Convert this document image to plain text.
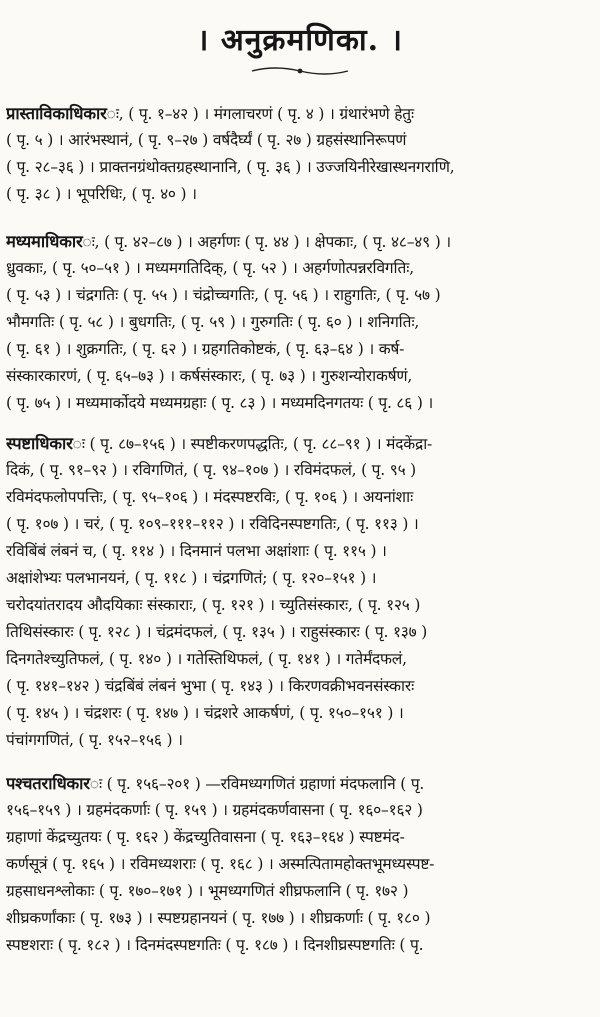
। अनुक्रमणिका. ।
प्रास्ताविकाधिकारः, ( पृ. १–४२ ) । मंगलाचरणं ( पृ. ४ ) । ग्रंथारंभणे हेतुः
( पृ. ५ ) । आरंभस्थानं, ( पृ. ९–२७ ) वर्षदैर्घ्यं ( पृ. २७ ) ग्रहसंस्थानिरूपणं
( पृ. २८–३६ ) । प्राक्तनग्रंथोक्तग्रहस्थानानि, ( पृ. ३६ ) । उज्जयिनीरेखास्थनगराणि,
( पृ. ३८ ) । भूपरिधिः, ( पृ. ४० ) ।
मध्यमाधिकारः, ( पृ. ४२–८७ ) । अहर्गणः ( पृ. ४४ ) । क्षेपकाः, ( पृ. ४८–४९ ) ।
ध्रुवकाः, ( पृ. ५०–५१ ) । मध्यमगतिदिक्, ( पृ. ५२ ) । अहर्गणोत्पन्नरविगतिः,
( पृ. ५३ ) । चंद्रगतिः ( पृ. ५५ ) । चंद्रोच्चगतिः, ( पृ. ५६ ) । राहुगतिः, ( पृ. ५७ )
भौमगतिः ( पृ. ५८ ) । बुधगतिः, ( पृ. ५९ ) । गुरुगतिः ( पृ. ६० ) । शनिगतिः,
( पृ. ६१ ) । शुक्रगतिः, ( पृ. ६२ ) । ग्रहगतिकोष्टकं, ( पृ. ६३–६४ ) । कर्ष-
संस्कारकारणं, ( पृ. ६५–७३ ) । कर्षसंस्कारः, ( पृ. ७३ ) । गुरुशन्योराकर्षणं,
( पृ. ७५ ) । मध्यमार्कोदये मध्यमग्रहाः ( पृ. ८३ ) । मध्यमदिनगतयः ( पृ. ८६ ) ।
स्पष्टाधिकारः ( पृ. ८७–१५६ ) । स्पष्टीकरणपद्धतिः, ( पृ. ८८–९१ ) । मंदकेंद्रा-
दिकं, ( पृ. ९१–९२ ) । रविगणितं, ( पृ. ९४–१०७ ) । रविमंदफलं, ( पृ. ९५ )
रविमंदफलोपपत्तिः, ( पृ. ९५–१०६ ) । मंदस्पष्टरविः, ( पृ. १०६ ) । अयनांशाः
( पृ. १०७ ) । चरं, ( पृ. १०९–१११–११२ ) । रविदिनस्पष्टगतिः, ( पृ. ११३ ) ।
रविबिंबं लंबनं च, ( पृ. ११४ ) । दिनमानं पलभा अक्षांशाः ( पृ. ११५ ) ।
अक्षांशेभ्यः पलभानयनं, ( पृ. ११८ ) । चंद्रगणितं; ( पृ. १२०–१५१ ) ।
चरोदयांतरादय औदयिकाः संस्काराः, ( पृ. १२१ ) । च्युतिसंस्कारः, ( पृ. १२५ )
तिथिसंस्कारः ( पृ. १२८ ) । चंद्रमंदफलं, ( पृ. १३५ ) । राहुसंस्कारः ( पृ. १३७ )
दिनगतेश्च्युतिफलं, ( पृ. १४० ) । गतेस्तिथिफलं, ( पृ. १४१ ) । गतेर्मंदफलं,
( पृ. १४१–१४२ ) चंद्रबिंबं लंबनं भुभा ( पृ. १४३ ) । किरणवक्रीभवनसंस्कारः
( पृ. १४५ ) । चंद्रशरः ( पृ. १४७ ) । चंद्रशरे आकर्षणं, ( पृ. १५०–१५१ ) ।
पंचांगगणितं, ( पृ. १५२–१५६ ) ।
पश्चतराधिकारः ( पृ. १५६–२०१ ) —रविमध्यगणितं ग्रहाणां मंदफलानि ( पृ.
१५६–१५९ ) । ग्रहमंदकर्णाः ( पृ. १५९ ) । ग्रहमंदकर्णवासना ( पृ. १६०–१६२ )
ग्रहाणां केंद्रच्युतयः ( पृ. १६२ ) केंद्रच्युतिवासना ( पृ. १६३–१६४ ) स्पष्टमंद-
कर्णसूत्रं ( पृ. १६५ ) । रविमध्यशराः ( पृ. १६८ ) । अस्मत्पितामहोक्तभूमध्यस्पष्ट-
ग्रहसाधनश्लोकाः ( पृ. १७०–१७१ ) । भूमध्यगणितं शीघ्रफलानि ( पृ. १७२ )
शीघ्रकर्णांकाः ( पृ. १७३ ) । स्पष्टग्रहानयनं ( पृ. १७७ ) । शीघ्रकर्णाः ( पृ. १८० )
स्पष्टशराः ( पृ. १८२ ) । दिनमंदस्पष्टगतिः ( पृ. १८७ ) । दिनशीघ्रस्पष्टगतिः ( पृ.
